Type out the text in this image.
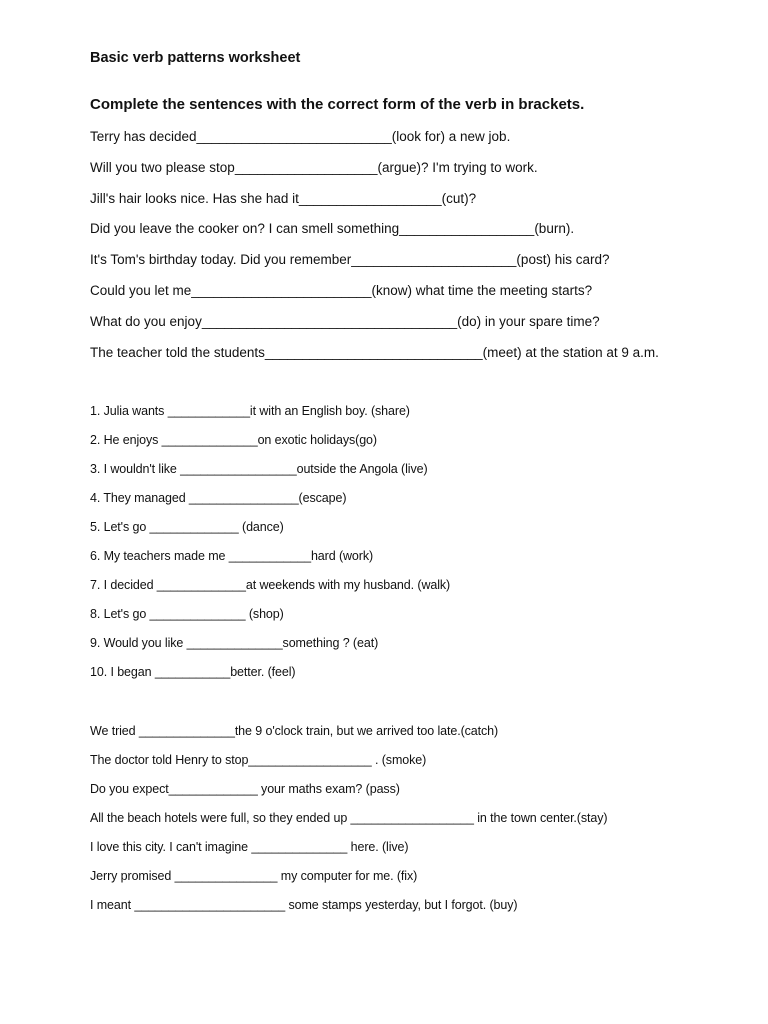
Basic verb patterns worksheet
Complete the sentences with the correct form of the verb in brackets.
Terry has decided__________________________(look for) a new job.
Will you two please stop___________________(argue)? I'm trying to work.
Jill's hair looks nice. Has she had it___________________(cut)?
Did you leave the cooker on? I can smell something__________________(burn).
It's Tom's birthday today. Did you remember______________________(post) his card?
Could you let me________________________(know) what time the meeting starts?
What do you enjoy__________________________________(do) in your spare time?
The teacher told the students_____________________________(meet) at the station at 9 a.m.
1. Julia wants ____________it with an English boy. (share)
2. He enjoys ______________on exotic holidays(go)
3. I wouldn't like _________________outside the Angola (live)
4. They managed ________________(escape)
5. Let's go _____________ (dance)
6. My teachers made me ____________hard (work)
7. I decided _____________at weekends with my husband. (walk)
8. Let's go ______________ (shop)
9. Would you like ______________something ? (eat)
10. I began ___________better. (feel)
We tried ______________the 9 o'clock train, but we arrived too late.(catch)
The doctor told Henry to stop__________________ . (smoke)
Do you expect_____________ your maths exam? (pass)
All the beach hotels were full, so they ended up __________________ in the town center.(stay)
I love this city. I can't imagine ______________ here. (live)
Jerry promised _______________ my computer for me. (fix)
I meant ______________________ some stamps yesterday, but I forgot. (buy)
